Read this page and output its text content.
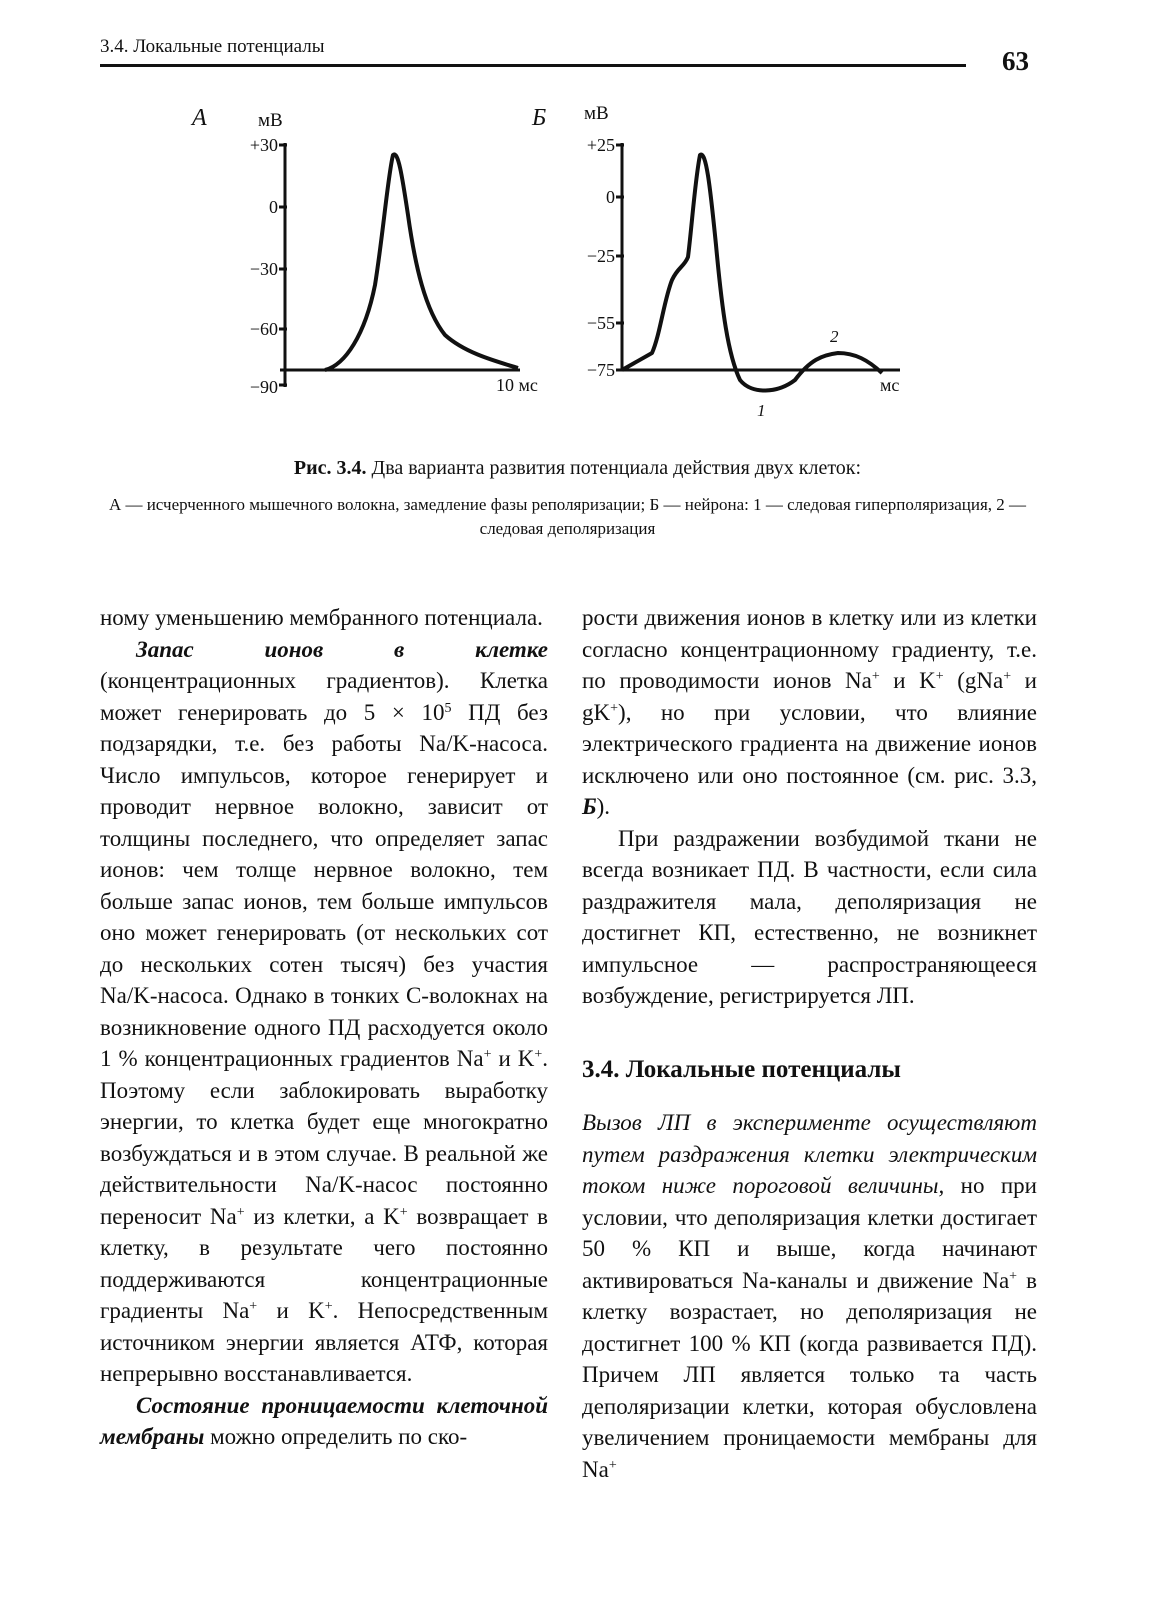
3.4. Локальные потенциалы	63
А	мВ
+30
0
−30
−60
−90	10 мс
Б мВ
+25
0
−25
−55
−75
мс
1
2
Рис. 3.4. Два варианта развития потенциала действия двух клеток:
А — исчерченного мышечного волокна, замедление фазы реполяризации; Б — нейрона: 1 — следовая гиперполяризация, 2 — следовая деполяризация

ному уменьшению мембранного потенциала.

Запас ионов в клетке (концентрационных градиентов). Клетка может генерировать до $5 \times 10^5$ ПД без подзарядки, т.е. без работы Na/K-насоса. Число импульсов, которое генерирует и проводит нервное волокно, зависит от толщины последнего, что определяет запас ионов: чем толще нервное волокно, тем больше запас ионов, тем больше импульсов оно может генерировать (от нескольких сот до нескольких сотен тысяч) без участия Na/K-насоса. Однако в тонких С-волокнах на возникновение одного ПД расходуется около 1 % концентрационных градиентов Na+ и K+. Поэтому если заблокировать выработку энергии, то клетка будет еще многократно возбуждаться и в этом случае. В реальной же действительности Na/K-насос постоянно переносит Na+ из клетки, а K+ возвращает в клетку, в результате чего постоянно поддерживаются концентрационные градиенты Na+ и K+. Непосредственным источником энергии является АТФ, которая непрерывно восстанавливается.

Состояние проницаемости клеточной мембраны можно определить по ско-

рости движения ионов в клетку или из клетки согласно концентрационному градиенту, т.е. по проводимости ионов Na+ и K+ (gNa+ и gK+), но при условии, что влияние электрического градиента на движение ионов исключено или оно постоянное (см. рис. 3.3, Б).

При раздражении возбудимой ткани не всегда возникает ПД. В частности, если сила раздражителя мала, деполяризация не достигнет КП, естественно, не возникнет импульсное — распространяющееся возбуждение, регистрируется ЛП.

3.4. Локальные потенциалы

Вызов ЛП в эксперименте осуществляют путем раздражения клетки электрическим током ниже пороговой величины, но при условии, что деполяризация клетки достигает 50 % КП и выше, когда начинают активироваться Na-каналы и движение Na+ в клетку возрастает, но деполяризация не достигнет 100 % КП (когда развивается ПД). Причем ЛП является только та часть деполяризации клетки, которая обусловлена увеличением проницаемости мембраны для Na+
